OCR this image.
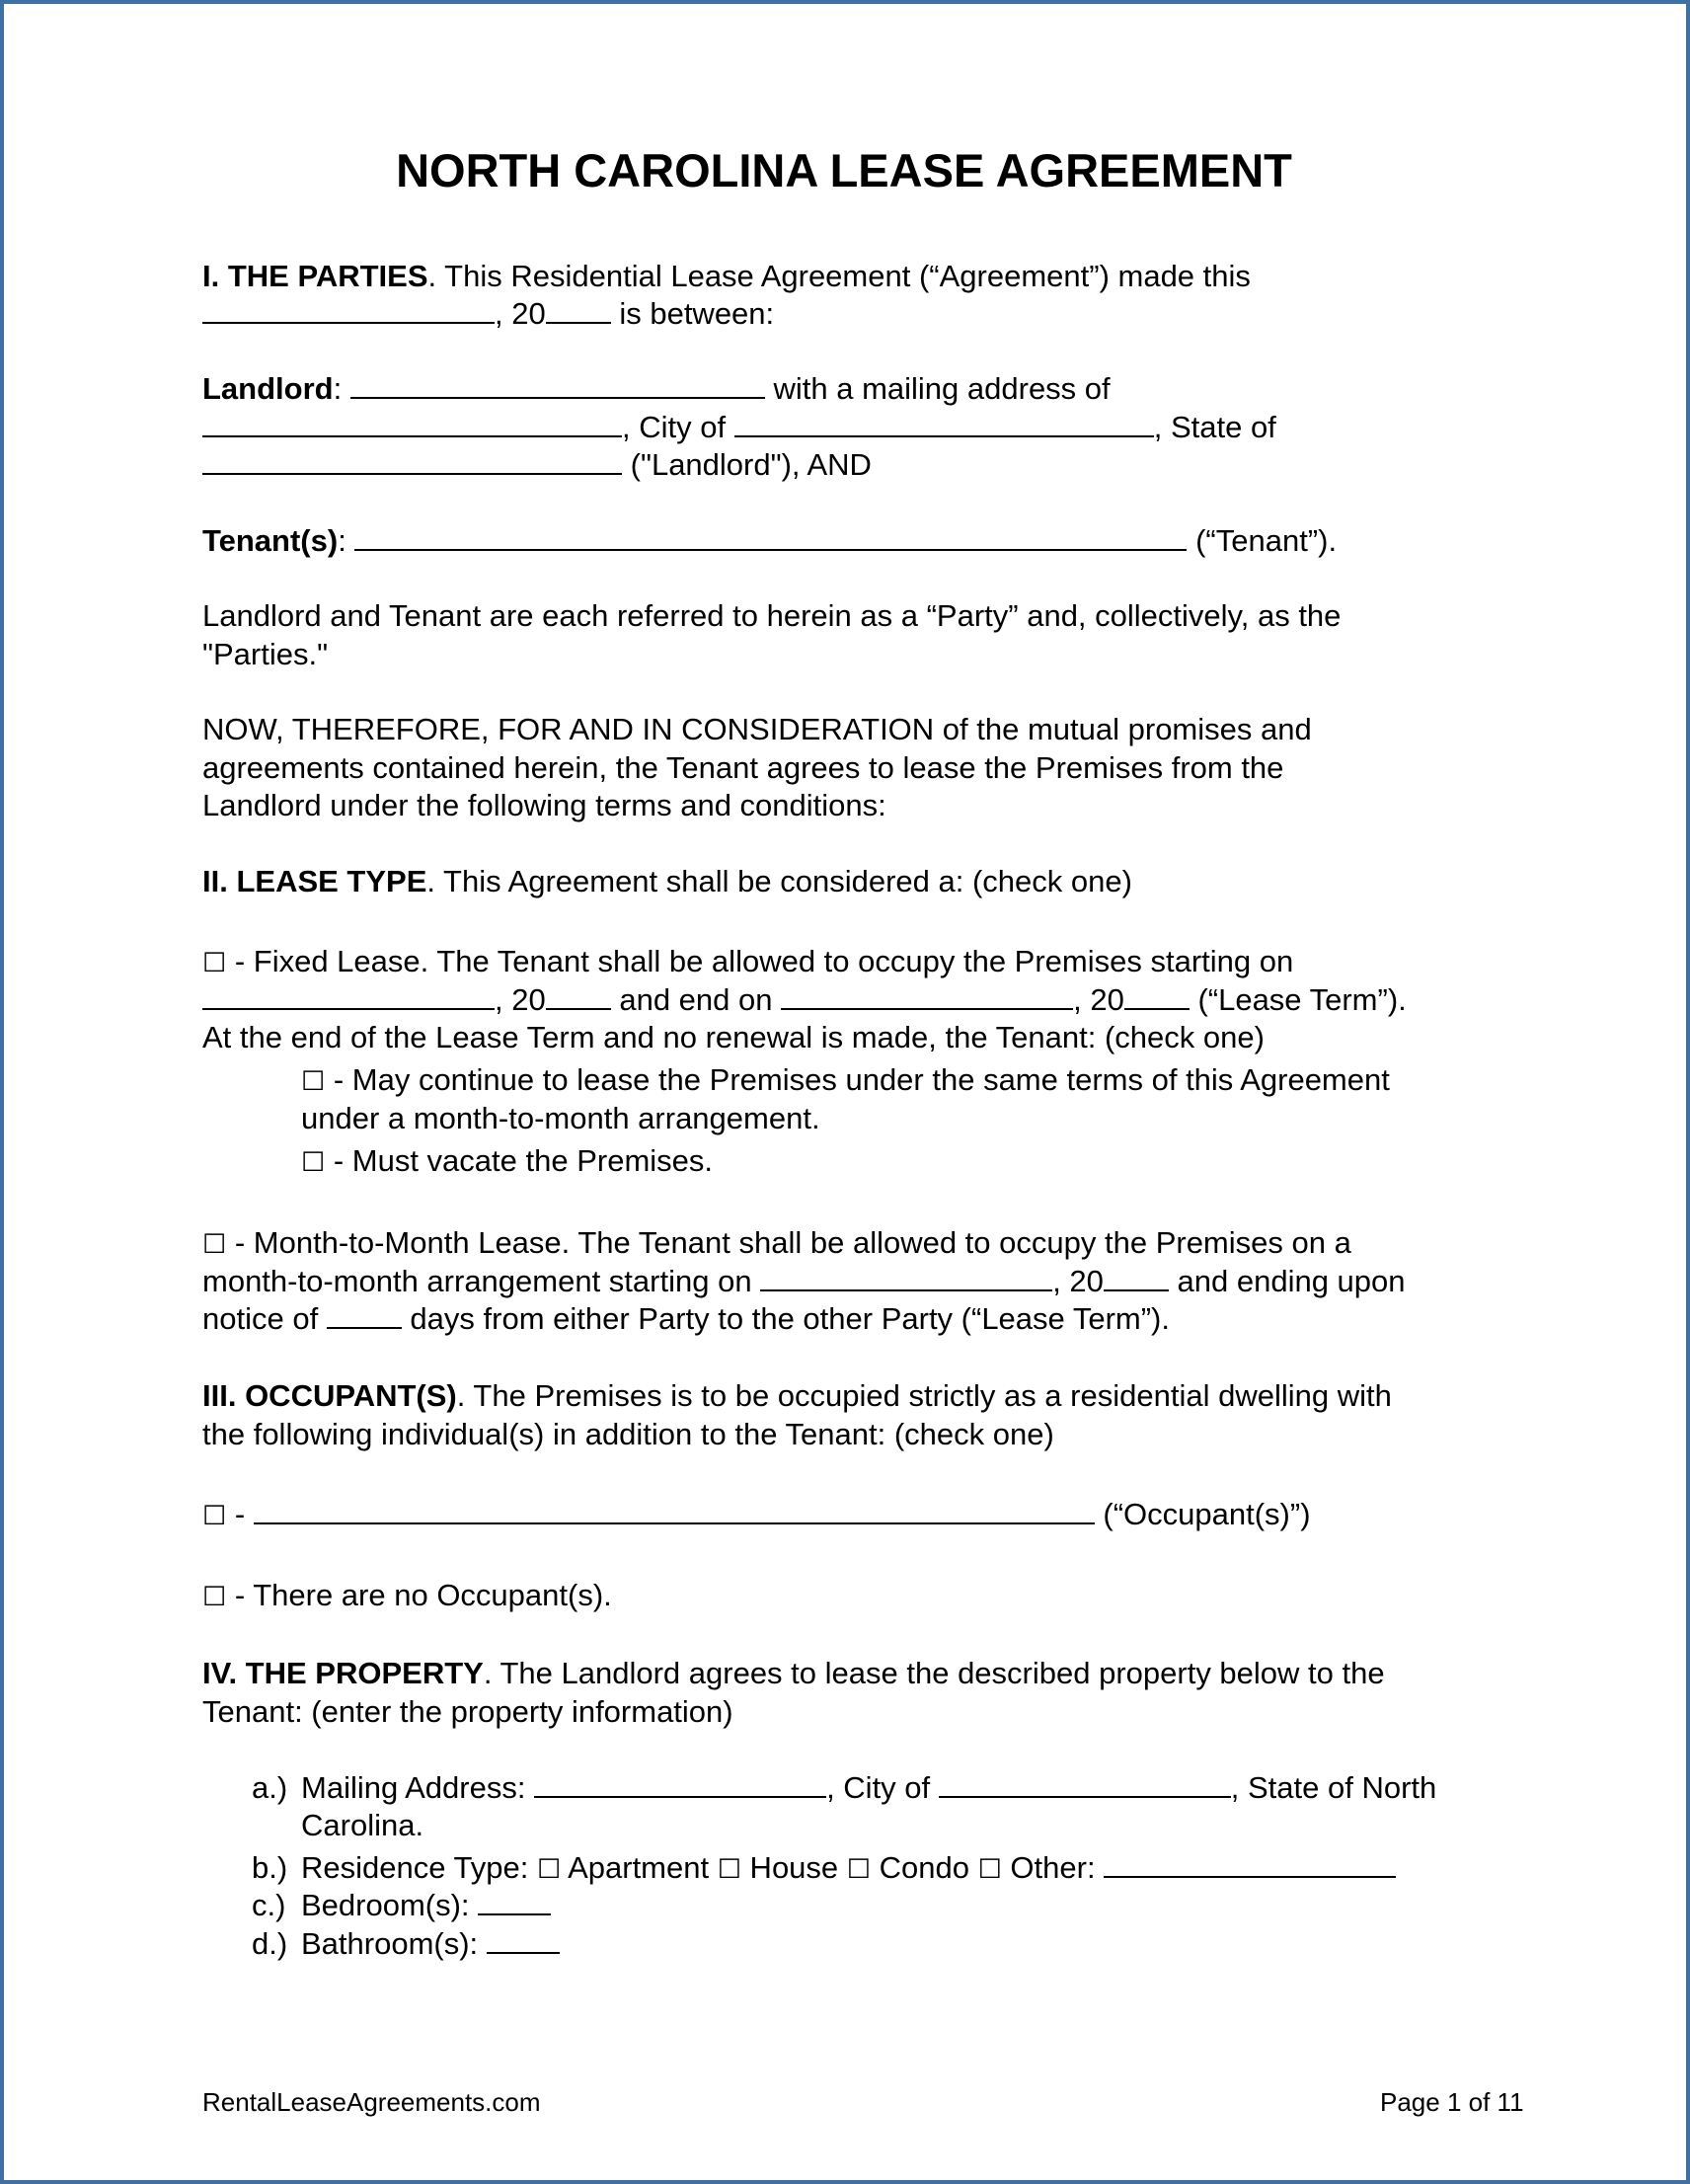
NORTH CAROLINA LEASE AGREEMENT
I. THE PARTIES. This Residential Lease Agreement (“Agreement”) made this
, 20 is between:
Landlord:	with a mailing address of
, City of	, State of
("Landlord"), AND
Tenant(s):	(“Tenant”).
Landlord and Tenant are each referred to herein as a “Party” and, collectively, as the
"Parties."
NOW, THEREFORE, FOR AND IN CONSIDERATION of the mutual promises and
agreements contained herein, the Tenant agrees to lease the Premises from the
Landlord under the following terms and conditions:
II. LEASE TYPE. This Agreement shall be considered a: (check one)
☐ - Fixed Lease. The Tenant shall be allowed to occupy the Premises starting on
, 20 and end on	, 20 (“Lease Term”).
At the end of the Lease Term and no renewal is made, the Tenant: (check one)
☐ - May continue to lease the Premises under the same terms of this Agreement
under a month-to-month arrangement.
☐ - Must vacate the Premises.
☐ - Month-to-Month Lease. The Tenant shall be allowed to occupy the Premises on a
month-to-month arrangement starting on	, 20 and ending upon
notice of  days from either Party to the other Party (“Lease Term”).
III. OCCUPANT(S). The Premises is to be occupied strictly as a residential dwelling with
the following individual(s) in addition to the Tenant: (check one)
☐ -	(“Occupant(s)”)
☐ - There are no Occupant(s).
IV. THE PROPERTY. The Landlord agrees to lease the described property below to the
Tenant: (enter the property information)
a.) Mailing Address:	, City of	, State of North
Carolina.
b.) Residence Type: ☐ Apartment ☐ House ☐ Condo ☐ Other:
c.) Bedroom(s):
d.) Bathroom(s):
RentalLeaseAgreements.com	Page 1 of 11
